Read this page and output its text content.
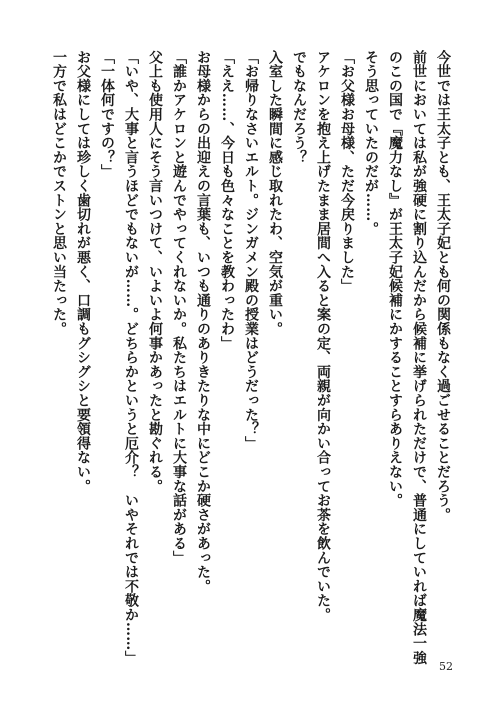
今世では王太子とも、王太子妃とも何の関係もなく過ごせることだろう。
前世においては私が強硬に割り込んだから候補に挙げられただけで、普通にしていれば魔法一強
のこの国で『魔力なし』が王太子妃候補にかすることすらありえない。
そう思っていたのだが……。
「お父様お母様、ただ今戻りました」
アケロンを抱え上げたまま居間へ入ると案の定、両親が向かい合ってお茶を飲んでいた。
でもなんだろう？
入室した瞬間に感じ取れたわ、空気が重い。
「お帰りなさいエルト。ジンガメン殿の授業はどうだった？」
「ええ……、今日も色々なことを教わったわ」
お母様からの出迎えの言葉も、いつも通りのありきたりな中にどこか硬さがあった。
「誰かアケロンと遊んでやってくれないか。私たちはエルトに大事な話がある」
父上も使用人にそう言いつけて、いよいよ何事かあったと勘ぐれる。
「いや、大事と言うほどでもないが……。どちらかというと厄介？　いやそれでは不敬か……」
「一体何ですの？」
お父様にしては珍しく歯切れが悪く、口調もグシグシと要領得ない。
一方で私はどこかでストンと思い当たった。
52
